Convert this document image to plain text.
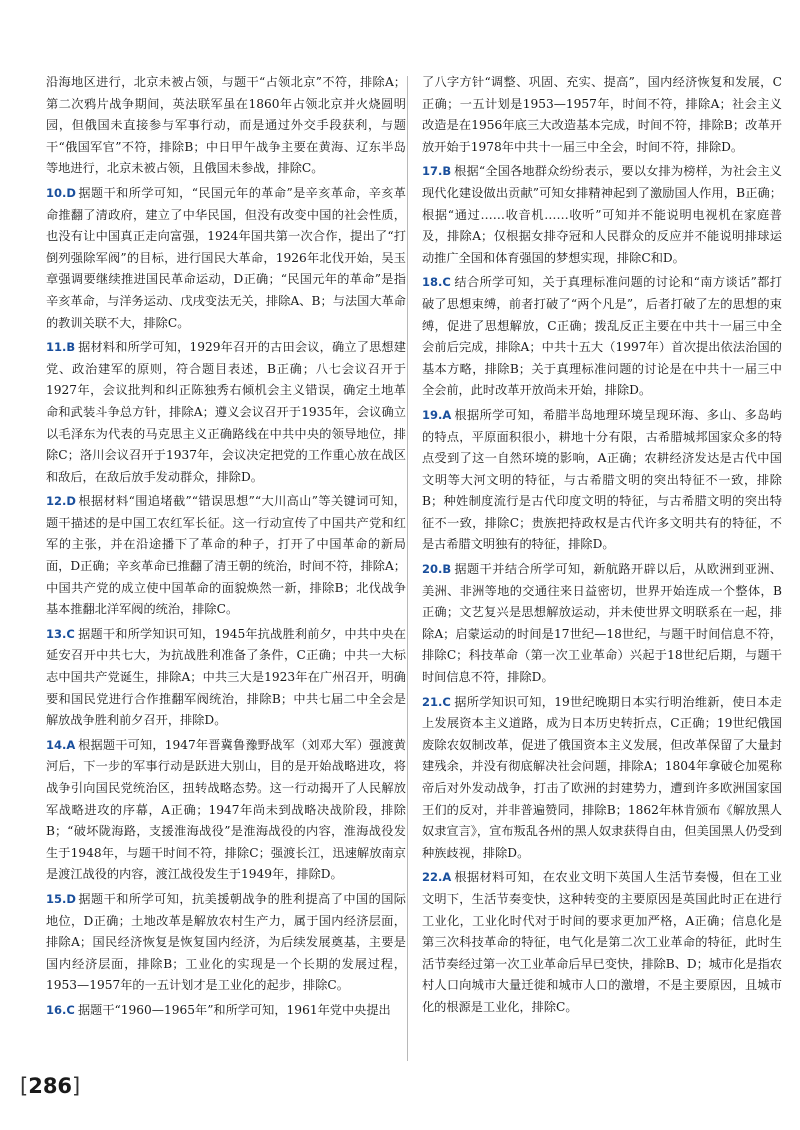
沿海地区进行，北京未被占领，与题干“占领北京”不符，排除A；第二次鸦片战争期间，英法联军虽在1860年占领北京并火烧圆明园，但俄国未直接参与军事行动，而是通过外交手段获利，与题干“俄国军官”不符，排除B；中日甲午战争主要在黄海、辽东半岛等地进行，北京未被占领，且俄国未参战，排除C。

10.D 据题干和所学可知，“民国元年的革命”是辛亥革命，辛亥革命推翻了清政府，建立了中华民国，但没有改变中国的社会性质，也没有让中国真正走向富强，1924年国共第一次合作，提出了“打倒列强除军阀”的目标，进行国民大革命，1926年北伐开始，吴玉章强调要继续推进国民革命运动，D正确；“民国元年的革命”是指辛亥革命，与洋务运动、戊戌变法无关，排除A、B；与法国大革命的教训关联不大，排除C。

11.B 据材料和所学可知，1929年召开的古田会议，确立了思想建党、政治建军的原则，符合题目表述，B正确；八七会议召开于1927年，会议批判和纠正陈独秀右倾机会主义错误，确定土地革命和武装斗争总方针，排除A；遵义会议召开于1935年，会议确立以毛泽东为代表的马克思主义正确路线在中共中央的领导地位，排除C；洛川会议召开于1937年，会议决定把党的工作重心放在战区和敌后，在敌后放手发动群众，排除D。

12.D 根据材料“围追堵截”“错误思想”“大川高山”等关键词可知，题干描述的是中国工农红军长征。这一行动宣传了中国共产党和红军的主张，并在沿途播下了革命的种子，打开了中国革命的新局面，D正确；辛亥革命已推翻了清王朝的统治，时间不符，排除A；中国共产党的成立使中国革命的面貌焕然一新，排除B；北伐战争基本推翻北洋军阀的统治，排除C。

13.C 据题干和所学知识可知，1945年抗战胜利前夕，中共中央在延安召开中共七大，为抗战胜利准备了条件，C正确；中共一大标志中国共产党诞生，排除A；中共三大是1923年在广州召开，明确要和国民党进行合作推翻军阀统治，排除B；中共七届二中全会是解放战争胜利前夕召开，排除D。

14.A 根据题干可知，1947年晋冀鲁豫野战军（刘邓大军）强渡黄河后，下一步的军事行动是跃进大别山，目的是开始战略进攻，将战争引向国民党统治区，扭转战略态势。这一行动揭开了人民解放军战略进攻的序幕，A正确；1947年尚未到战略决战阶段，排除B；“破坏陇海路，支援淮海战役”是淮海战役的内容，淮海战役发生于1948年，与题干时间不符，排除C；强渡长江，迅速解放南京是渡江战役的内容，渡江战役发生于1949年，排除D。

15.D 据题干和所学可知，抗美援朝战争的胜利提高了中国的国际地位，D正确；土地改革是解放农村生产力，属于国内经济层面，排除A；国民经济恢复是恢复国内经济，为后续发展奠基，主要是国内经济层面，排除B；工业化的实现是一个长期的发展过程，1953—1957年的一五计划才是工业化的起步，排除C。

16.C 据题干“1960—1965年”和所学可知，1961年党中央提出

了八字方针“调整、巩固、充实、提高”，国内经济恢复和发展，C正确；一五计划是1953—1957年，时间不符，排除A；社会主义改造是在1956年底三大改造基本完成，时间不符，排除B；改革开放开始于1978年中共十一届三中全会，时间不符，排除D。

17.B 根据“全国各地群众纷纷表示，要以女排为榜样，为社会主义现代化建设做出贡献”可知女排精神起到了激励国人作用，B正确；根据“通过……收音机……收听”可知并不能说明电视机在家庭普及，排除A；仅根据女排夺冠和人民群众的反应并不能说明排球运动推广全国和体育强国的梦想实现，排除C和D。

18.C 结合所学可知，关于真理标准问题的讨论和“南方谈话”都打破了思想束缚，前者打破了“两个凡是”，后者打破了左的思想的束缚，促进了思想解放，C正确；拨乱反正主要在中共十一届三中全会前后完成，排除A；中共十五大（1997年）首次提出依法治国的基本方略，排除B；关于真理标准问题的讨论是在中共十一届三中全会前，此时改革开放尚未开始，排除D。

19.A 根据所学可知，希腊半岛地理环境呈现环海、多山、多岛屿的特点，平原面积很小，耕地十分有限，古希腊城邦国家众多的特点受到了这一自然环境的影响，A正确；农耕经济发达是古代中国文明等大河文明的特征，与古希腊文明的突出特征不一致，排除B；种姓制度流行是古代印度文明的特征，与古希腊文明的突出特征不一致，排除C；贵族把持政权是古代许多文明共有的特征，不是古希腊文明独有的特征，排除D。

20.B 据题干并结合所学可知，新航路开辟以后，从欧洲到亚洲、美洲、非洲等地的交通往来日益密切，世界开始连成一个整体，B正确；文艺复兴是思想解放运动，并未使世界文明联系在一起，排除A；启蒙运动的时间是17世纪—18世纪，与题干时间信息不符，排除C；科技革命（第一次工业革命）兴起于18世纪后期，与题干时间信息不符，排除D。

21.C 据所学知识可知，19世纪晚期日本实行明治维新，使日本走上发展资本主义道路，成为日本历史转折点，C正确；19世纪俄国废除农奴制改革，促进了俄国资本主义发展，但改革保留了大量封建残余，并没有彻底解决社会问题，排除A；1804年拿破仑加冕称帝后对外发动战争，打击了欧洲的封建势力，遭到许多欧洲国家国王们的反对，并非普遍赞同，排除B；1862年林肯颁布《解放黑人奴隶宣言》，宣布叛乱各州的黑人奴隶获得自由，但美国黑人仍受到种族歧视，排除D。

22.A 根据材料可知，在农业文明下英国人生活节奏慢，但在工业文明下，生活节奏变快，这种转变的主要原因是英国此时正在进行工业化，工业化时代对于时间的要求更加严格，A正确；信息化是第三次科技革命的特征，电气化是第二次工业革命的特征，此时生活节奏经过第一次工业革命后早已变快，排除B、D；城市化是指农村人口向城市大量迁徙和城市人口的激增，不是主要原因，且城市化的根源是工业化，排除C。

[286]
